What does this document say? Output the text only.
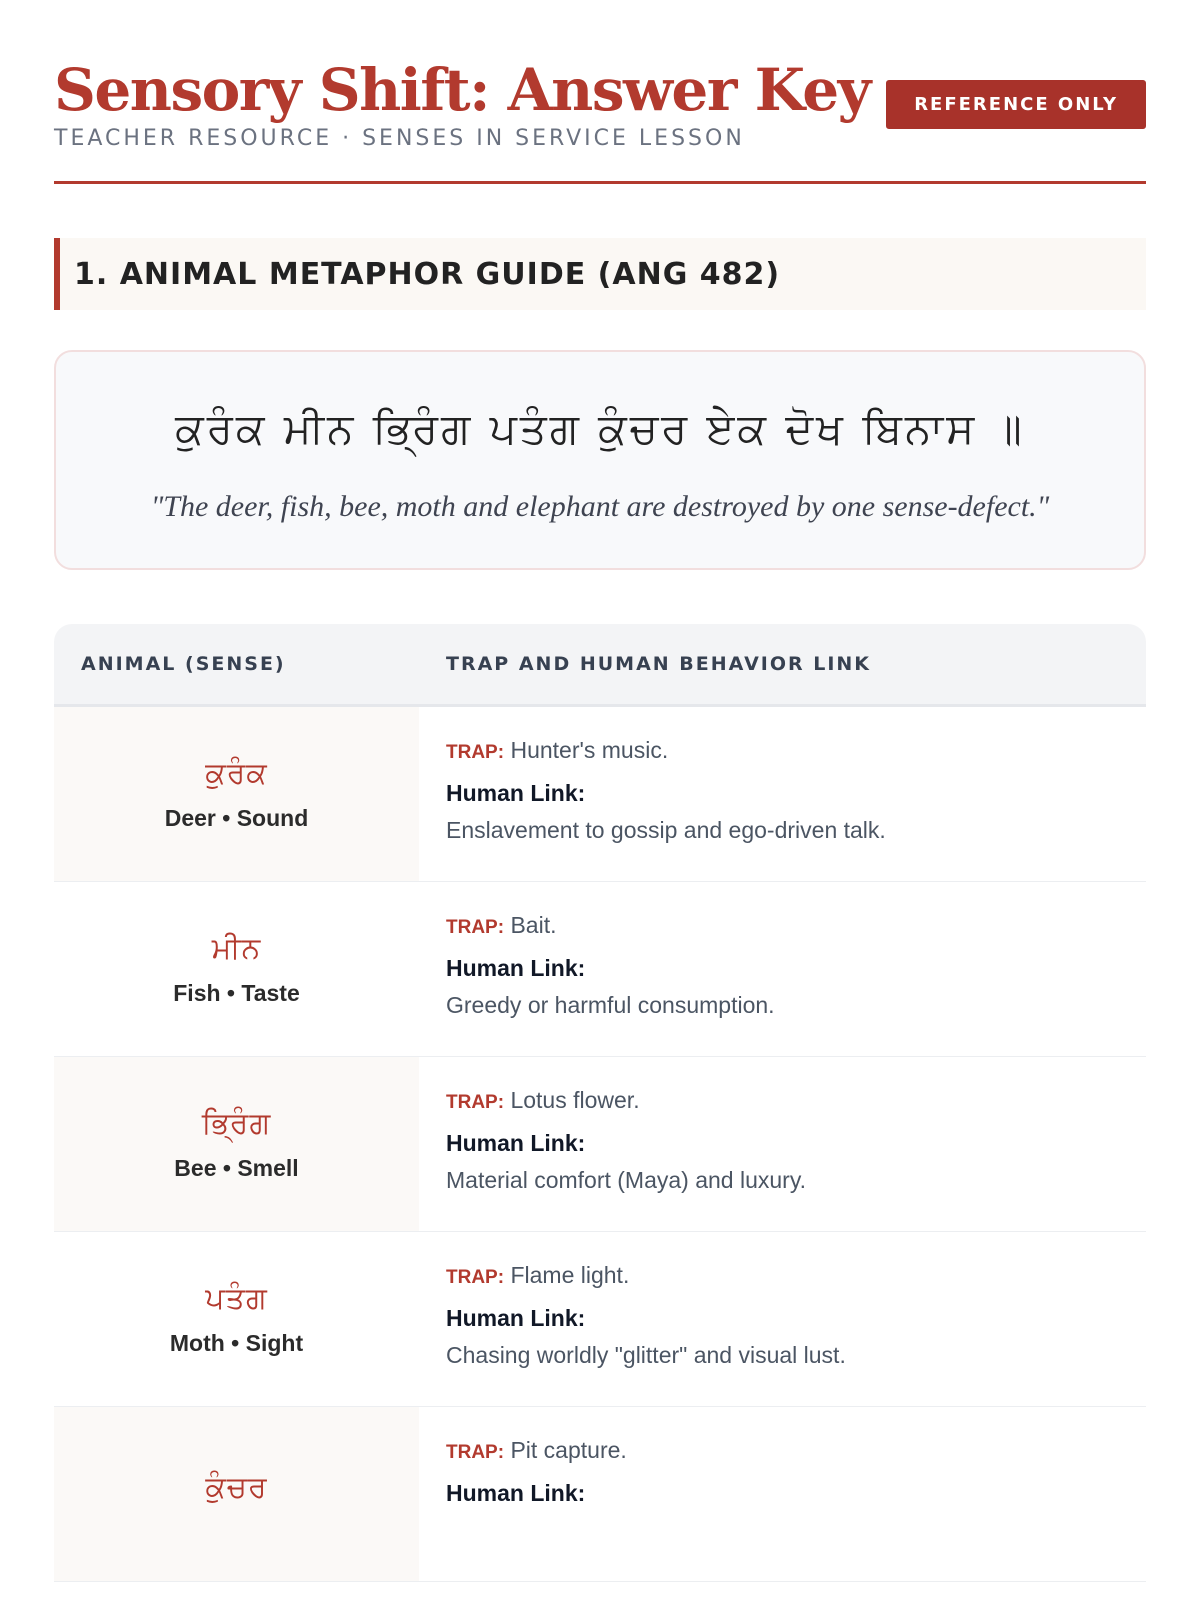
Sensory Shift: Answer Key
TEACHER RESOURCE · SENSES IN SERVICE LESSON
REFERENCE ONLY
1. ANIMAL METAPHOR GUIDE (ANG 482)
ਕੁਰੰਕ ਮੀਨ ਭ੍ਰਿੰਗ ਪਤੰਗ ਕੁੰਚਰ ਏਕ ਦੋਖ ਬਿਨਾਸ ॥
"The deer, fish, bee, moth and elephant are destroyed by one sense-defect."
ANIMAL (SENSE)	TRAP AND HUMAN BEHAVIOR LINK
ਕੁਰੰਕ
Deer • Sound
TRAP: Hunter's music.
Human Link:
Enslavement to gossip and ego-driven talk.
ਮੀਨ
Fish • Taste
TRAP: Bait.
Human Link:
Greedy or harmful consumption.
ਭ੍ਰਿੰਗ
Bee • Smell
TRAP: Lotus flower.
Human Link:
Material comfort (Maya) and luxury.
ਪਤੰਗ
Moth • Sight
TRAP: Flame light.
Human Link:
Chasing worldly "glitter" and visual lust.
ਕੁੰਚਰ
TRAP: Pit capture.
Human Link:
